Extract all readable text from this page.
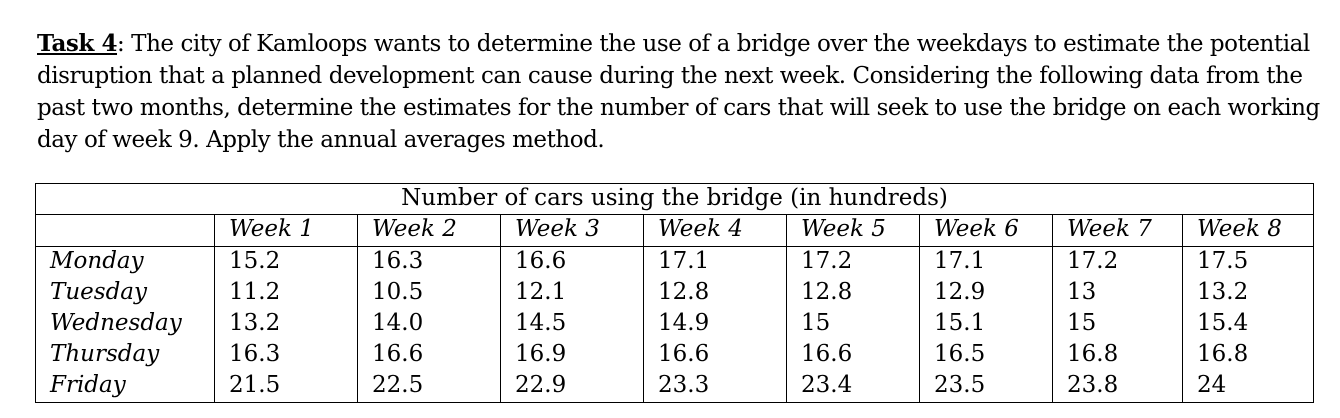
Task 4: The city of Kamloops wants to determine the use of a bridge over the weekdays to estimate the potential disruption that a planned development can cause during the next week. Considering the following data from the past two months, determine the estimates for the number of cars that will seek to use the bridge on each working day of week 9. Apply the annual averages method.

Number of cars using the bridge (in hundreds)								
	Week 1	Week 2	Week 3	Week 4	Week 5	Week 6	Week 7	Week 8
Monday	15.2	16.3	16.6	17.1	17.2	17.1	17.2	17.5
Tuesday	11.2	10.5	12.1	12.8	12.8	12.9	13	13.2
Wednesday	13.2	14.0	14.5	14.9	15	15.1	15	15.4
Thursday	16.3	16.6	16.9	16.6	16.6	16.5	16.8	16.8
Friday	21.5	22.5	22.9	23.3	23.4	23.5	23.8	24
